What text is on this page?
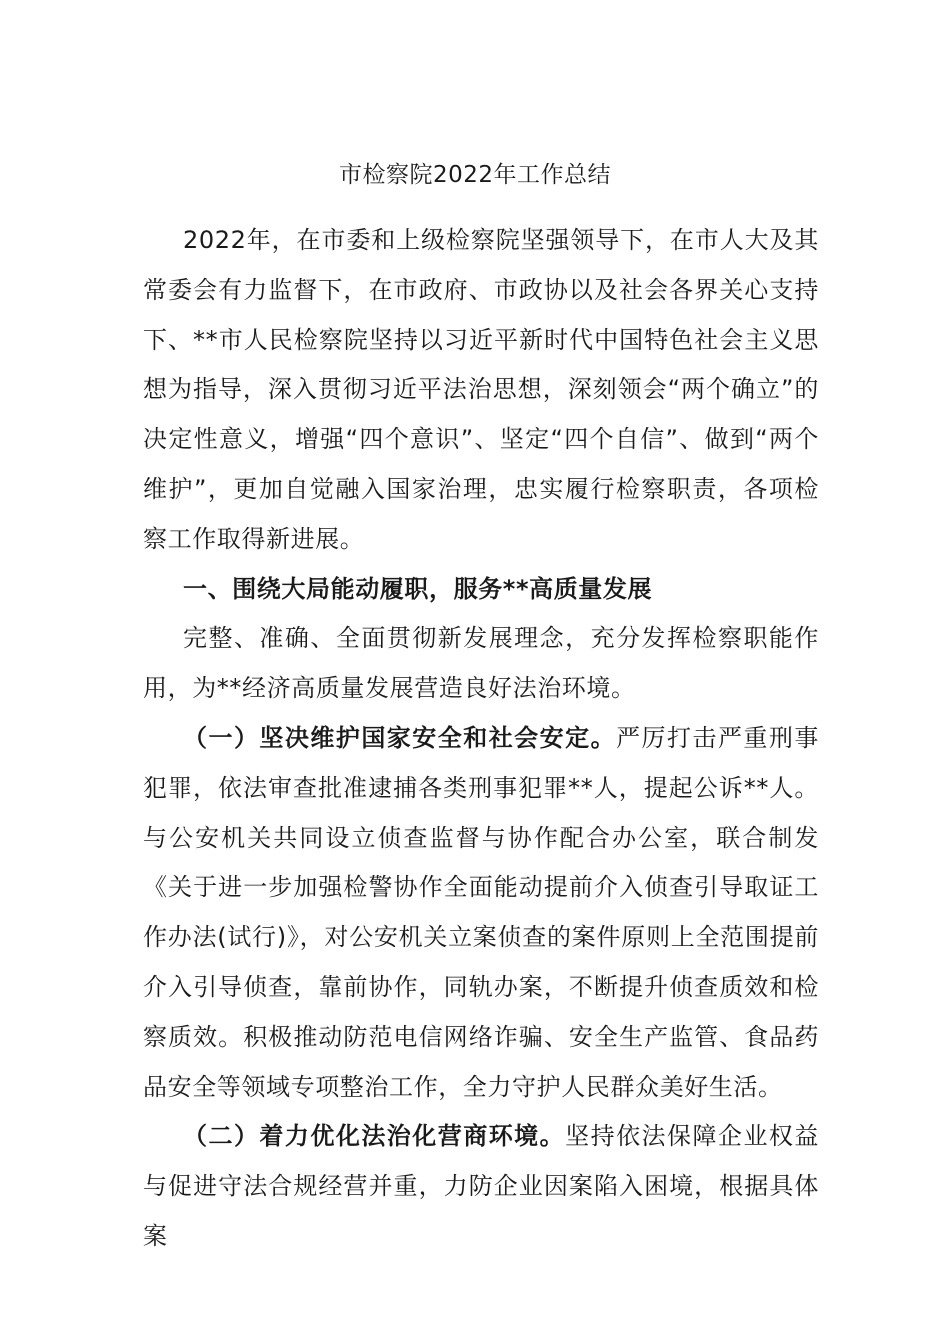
市检察院2022年工作总结

2022年，在市委和上级检察院坚强领导下，在市人大及其常委会有力监督下，在市政府、市政协以及社会各界关心支持下、**市人民检察院坚持以习近平新时代中国特色社会主义思想为指导，深入贯彻习近平法治思想，深刻领会“两个确立”的决定性意义，增强“四个意识”、坚定“四个自信”、做到“两个维护”，更加自觉融入国家治理，忠实履行检察职责，各项检察工作取得新进展。

一、围绕大局能动履职，服务**高质量发展

完整、准确、全面贯彻新发展理念，充分发挥检察职能作用，为**经济高质量发展营造良好法治环境。

（一）坚决维护国家安全和社会安定。严厉打击严重刑事犯罪，依法审查批准逮捕各类刑事犯罪**人，提起公诉**人。与公安机关共同设立侦查监督与协作配合办公室，联合制发《关于进一步加强检警协作全面能动提前介入侦查引导取证工作办法(试行)》，对公安机关立案侦查的案件原则上全范围提前介入引导侦查，靠前协作，同轨办案，不断提升侦查质效和检察质效。积极推动防范电信网络诈骗、安全生产监管、食品药品安全等领域专项整治工作，全力守护人民群众美好生活。

（二）着力优化法治化营商环境。坚持依法保障企业权益与促进守法合规经营并重，力防企业因案陷入困境，根据具体案
